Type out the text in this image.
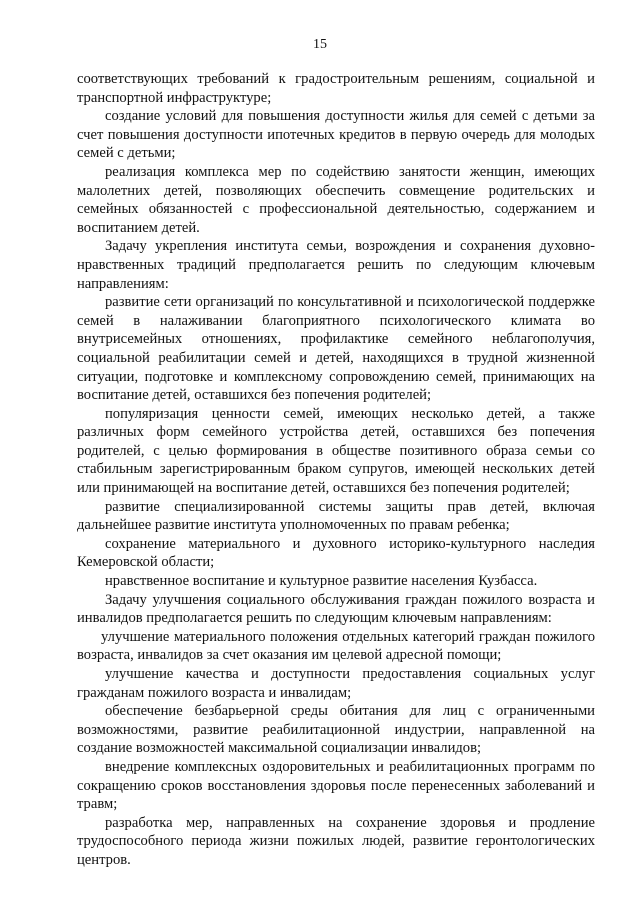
15

соответствующих требований к градостроительным решениям, социальной и транспортной инфраструктуре;

создание условий для повышения доступности жилья для семей с детьми за счет повышения доступности ипотечных кредитов в первую очередь для молодых семей с детьми;

реализация комплекса мер по содействию занятости женщин, имеющих малолетних детей, позволяющих обеспечить совмещение родительских и семейных обязанностей с профессиональной деятельностью, содержанием и воспитанием детей.

Задачу укрепления института семьи, возрождения и сохранения духовно-нравственных традиций предполагается решить по следующим ключевым направлениям:

развитие сети организаций по консультативной и психологической поддержке семей в налаживании благоприятного психологического климата во внутрисемейных отношениях, профилактике семейного неблагополучия, социальной реабилитации семей и детей, находящихся в трудной жизненной ситуации, подготовке и комплексному сопровождению семей, принимающих на воспитание детей, оставшихся без попечения родителей;

популяризация ценности семей, имеющих несколько детей, а также различных форм семейного устройства детей, оставшихся без попечения родителей, с целью формирования в обществе позитивного образа семьи со стабильным зарегистрированным браком супругов, имеющей нескольких детей или принимающей на воспитание детей, оставшихся без попечения родителей;

развитие специализированной системы защиты прав детей, включая дальнейшее развитие института уполномоченных по правам ребенка;

сохранение материального и духовного историко-культурного наследия Кемеровской области;

нравственное воспитание и культурное развитие населения Кузбасса.

Задачу улучшения социального обслуживания граждан пожилого возраста и инвалидов предполагается решить по следующим ключевым направлениям:

улучшение материального положения отдельных категорий граждан пожилого возраста, инвалидов за счет оказания им целевой адресной помощи;

улучшение качества и доступности предоставления социальных услуг гражданам пожилого возраста и инвалидам;

обеспечение безбарьерной среды обитания для лиц с ограниченными возможностями, развитие реабилитационной индустрии, направленной на создание возможностей максимальной социализации инвалидов;

внедрение комплексных оздоровительных и реабилитационных программ по сокращению сроков восстановления здоровья после перенесенных заболеваний и травм;

разработка мер, направленных на сохранение здоровья и продление трудоспособного периода жизни пожилых людей, развитие геронтологических центров.
